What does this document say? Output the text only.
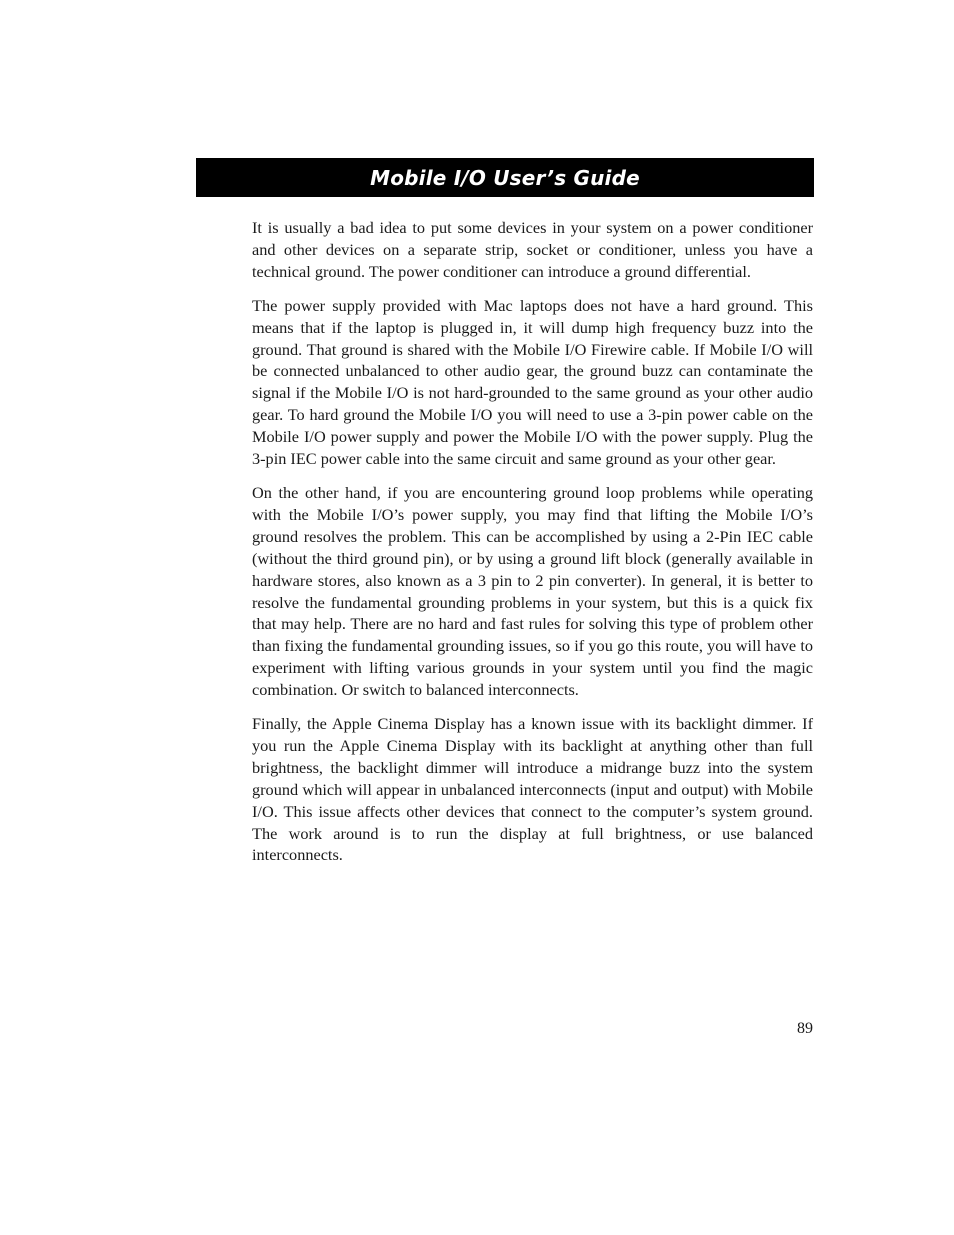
Mobile I/O User’s Guide

It is usually a bad idea to put some devices in your system on a power conditioner and other devices on a separate strip, socket or conditioner, unless you have a technical ground. The power conditioner can introduce a ground differential.

The power supply provided with Mac laptops does not have a hard ground. This means that if the laptop is plugged in, it will dump high frequency buzz into the ground. That ground is shared with the Mobile I/O Firewire cable. If Mobile I/O will be connected unbalanced to other audio gear, the ground buzz can contaminate the signal if the Mobile I/O is not hard-grounded to the same ground as your other audio gear. To hard ground the Mobile I/O you will need to use a 3-pin power cable on the Mobile I/O power supply and power the Mobile I/O with the power supply. Plug the 3-pin IEC power cable into the same circuit and same ground as your other gear.

On the other hand, if you are encountering ground loop problems while operating with the Mobile I/O’s power supply, you may find that lifting the Mobile I/O’s ground resolves the problem. This can be accomplished by using a 2-Pin IEC cable (without the third ground pin), or by using a ground lift block (generally available in hardware stores, also known as a 3 pin to 2 pin converter). In general, it is better to resolve the fundamental grounding problems in your system, but this is a quick fix that may help. There are no hard and fast rules for solving this type of problem other than fixing the fundamental grounding issues, so if you go this route, you will have to experiment with lifting various grounds in your system until you find the magic combination. Or switch to balanced interconnects.

Finally, the Apple Cinema Display has a known issue with its backlight dimmer. If you run the Apple Cinema Display with its backlight at anything other than full brightness, the backlight dimmer will introduce a midrange buzz into the system ground which will appear in unbalanced interconnects (input and output) with Mobile I/O. This issue affects other devices that connect to the computer’s system ground. The work around is to run the display at full brightness, or use balanced interconnects.

89
